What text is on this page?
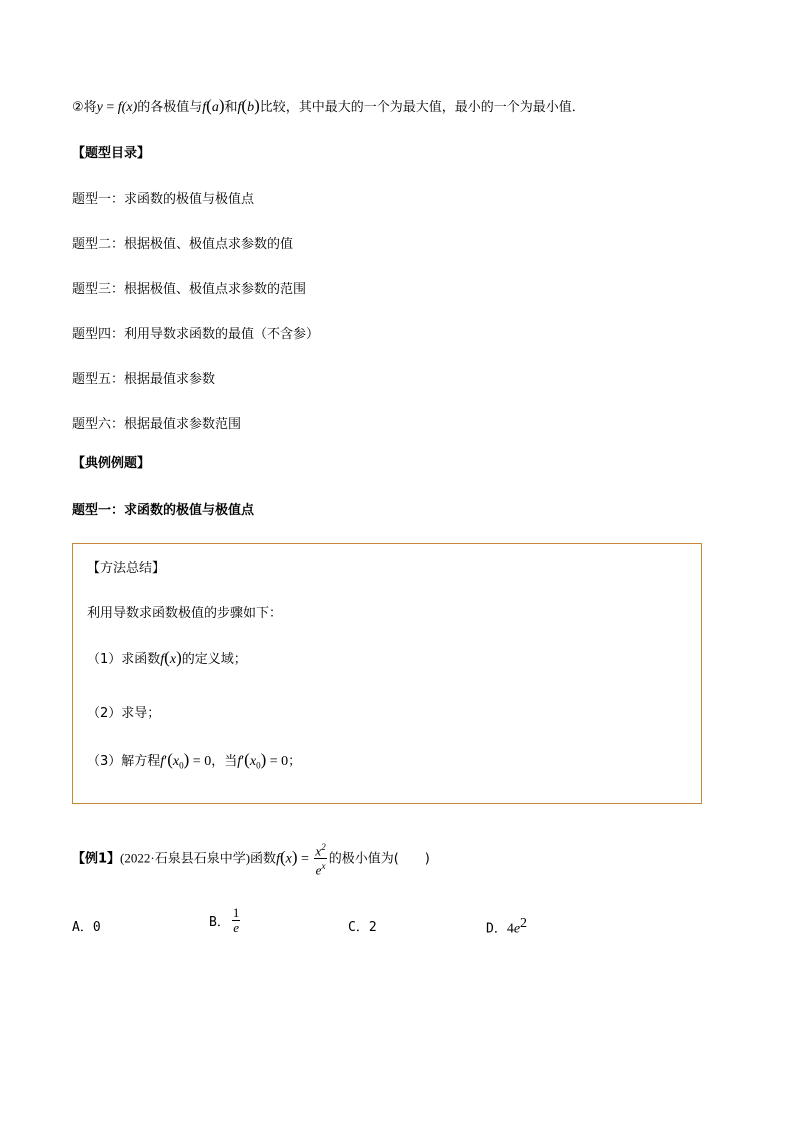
②将y = f(x)的各极值与f(a)和f(b)比较，其中最大的一个为最大值，最小的一个为最小值．
【题型目录】
题型一：求函数的极值与极值点
题型二：根据极值、极值点求参数的值
题型三：根据极值、极值点求参数的范围
题型四：利用导数求函数的最值（不含参）
题型五：根据最值求参数
题型六：根据最值求参数范围
【典例例题】
题型一：求函数的极值与极值点
【方法总结】
利用导数求函数极值的步骤如下：
（1）求函数f(x)的定义域；
（2）求导；
（3）解方程$f'(x_0) = 0$，当$f'(x_0) = 0$；
【例1】(2022·石泉县石泉中学)函数$f(x) = \frac{x^2}{e^x}$ 的极小值为(　　)
A．0	B． $\frac{1}{e}$	C．2	D．$4e^2$
